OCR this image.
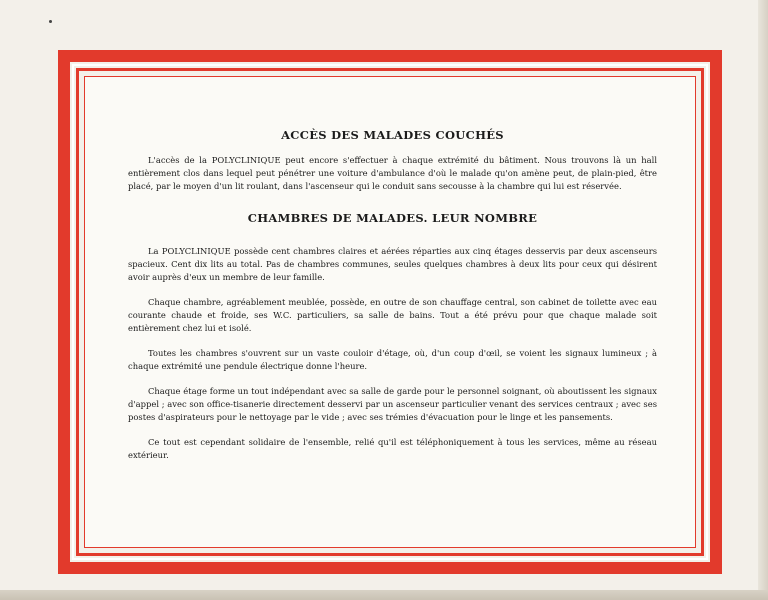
ACCÈS DES MALADES COUCHÉS

L'accès de la POLYCLINIQUE peut encore s'effectuer à chaque extrémité du bâtiment. Nous trouvons là un hall entièrement clos dans lequel peut pénétrer une voiture d'ambulance d'où le malade qu'on amène peut, de plain-pied, être placé, par le moyen d'un lit roulant, dans l'ascenseur qui le conduit sans secousse à la chambre qui lui est réservée.

CHAMBRES DE MALADES. LEUR NOMBRE

La POLYCLINIQUE possède cent chambres claires et aérées réparties aux cinq étages desservis par deux ascenseurs spacieux. Cent dix lits au total. Pas de chambres communes, seules quelques chambres à deux lits pour ceux qui désirent avoir auprès d'eux un membre de leur famille.

Chaque chambre, agréablement meublée, possède, en outre de son chauffage central, son cabinet de toilette avec eau courante chaude et froide, ses W.C. particuliers, sa salle de bains. Tout a été prévu pour que chaque malade soit entièrement chez lui et isolé.

Toutes les chambres s'ouvrent sur un vaste couloir d'étage, où, d'un coup d'œil, se voient les signaux lumineux ; à chaque extrémité une pendule électrique donne l'heure.

Chaque étage forme un tout indépendant avec sa salle de garde pour le personnel soignant, où aboutissent les signaux d'appel ; avec son office-tisanerie directement desservi par un ascenseur particulier venant des services centraux ; avec ses postes d'aspirateurs pour le nettoyage par le vide ; avec ses trémies d'évacuation pour le linge et les pansements.

Ce tout est cependant solidaire de l'ensemble, relié qu'il est téléphoniquement à tous les services, même au réseau extérieur.
